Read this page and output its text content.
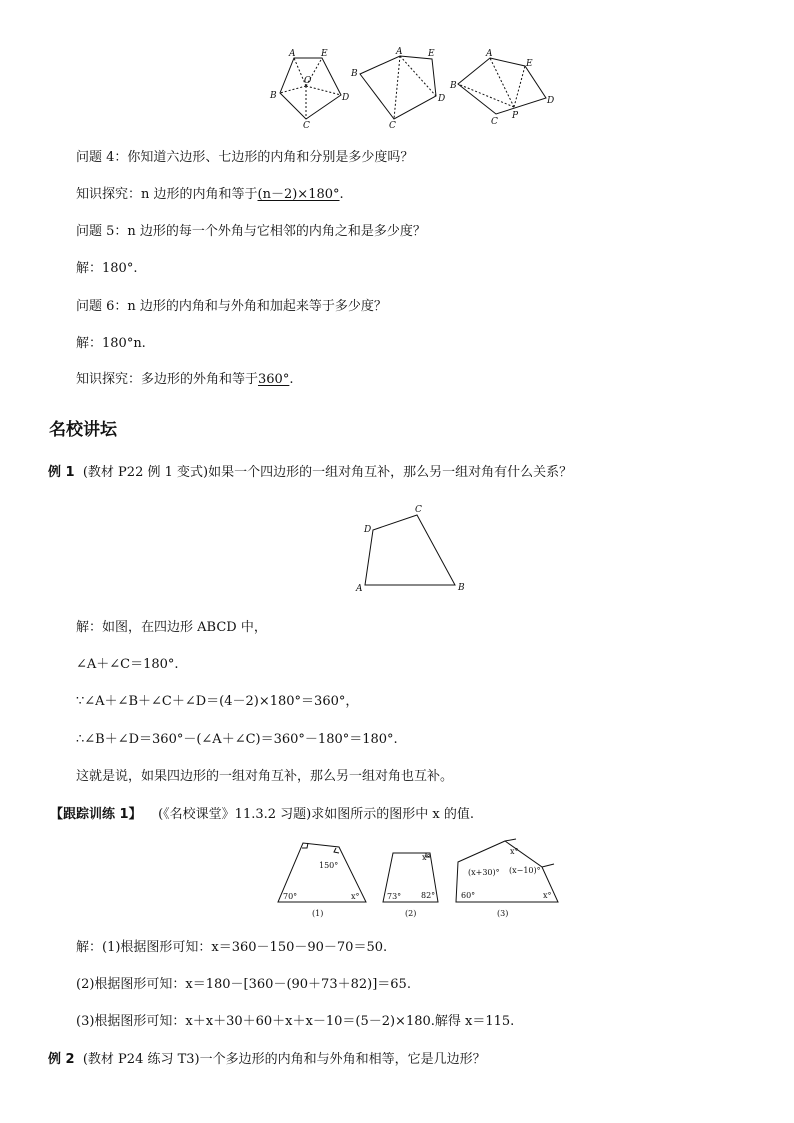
A	E
O
B	D
C
A	E
B
D
C
A
E
B
D
C
P
问题 4：你知道六边形、七边形的内角和分别是多少度吗？
知识探究：n 边形的内角和等于(n－2)×180°.
问题 5：n 边形的每一个外角与它相邻的内角之和是多少度？
解：180°.
问题 6：n 边形的内角和与外角和加起来等于多少度？
解：180°n.
知识探究：多边形的外角和等于360°.
名校讲坛
例 1 (教材 P22 例 1 变式)如果一个四边形的一组对角互补，那么另一组对角有什么关系？
A	B
C
D
解：如图，在四边形 ABCD 中，
∠A＋∠C＝180°.
∵∠A＋∠B＋∠C＋∠D＝(4－2)×180°＝360°，
∴∠B＋∠D＝360°－(∠A＋∠C)＝360°－180°＝180°.
这就是说，如果四边形的一组对角互补，那么另一组对角也互补。
【跟踪训练 1】 (《名校课堂》11.3.2 习题)求如图所示的图形中 x 的值.
150°
70°	x°
(1)
x°
73° 82°
(2)
x°
(x+30)° (x−10)°
60°	x°
(3)
解：(1)根据图形可知：x＝360－150－90－70＝50.
(2)根据图形可知：x＝180－[360－(90＋73＋82)]＝65.
(3)根据图形可知：x＋x＋30＋60＋x＋x－10＝(5－2)×180.解得 x＝115.
例 2 (教材 P24 练习 T3)一个多边形的内角和与外角和相等，它是几边形？
